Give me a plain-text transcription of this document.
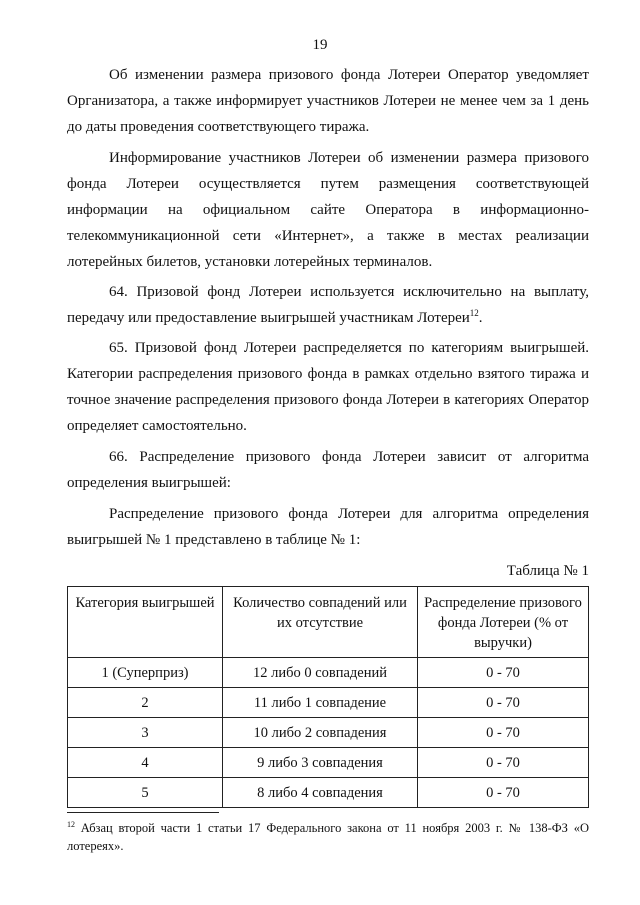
19

Об изменении размера призового фонда Лотереи Оператор уведомляет Организатора, а также информирует участников Лотереи не менее чем за 1 день до даты проведения соответствующего тиража.

Информирование участников Лотереи об изменении размера призового фонда Лотереи осуществляется путем размещения соответствующей информации на официальном сайте Оператора в информационно-телекоммуникационной сети «Интернет», а также в местах реализации лотерейных билетов, установки лотерейных терминалов.

64. Призовой фонд Лотереи используется исключительно на выплату, передачу или предоставление выигрышей участникам Лотереи$^{12}$.

65. Призовой фонд Лотереи распределяется по категориям выигрышей. Категории распределения призового фонда в рамках отдельно взятого тиража и точное значение распределения призового фонда Лотереи в категориях Оператор определяет самостоятельно.

66. Распределение призового фонда Лотереи зависит от алгоритма определения выигрышей:

Распределение призового фонда Лотереи для алгоритма определения выигрышей № 1 представлено в таблице № 1:

Таблица № 1
Категория выигрышей	Количество совпадений или их отсутствие	Распределение призового фонда Лотереи (% от выручки)
1 (Суперприз)	12 либо 0 совпадений	0 - 70
2	11 либо 1 совпадение	0 - 70
3	10 либо 2 совпадения	0 - 70
4	9 либо 3 совпадения	0 - 70
5	8 либо 4 совпадения	0 - 70
$^{12}$ Абзац второй части 1 статьи 17 Федерального закона от 11 ноября 2003 г. № 138-ФЗ «О лотереях».
